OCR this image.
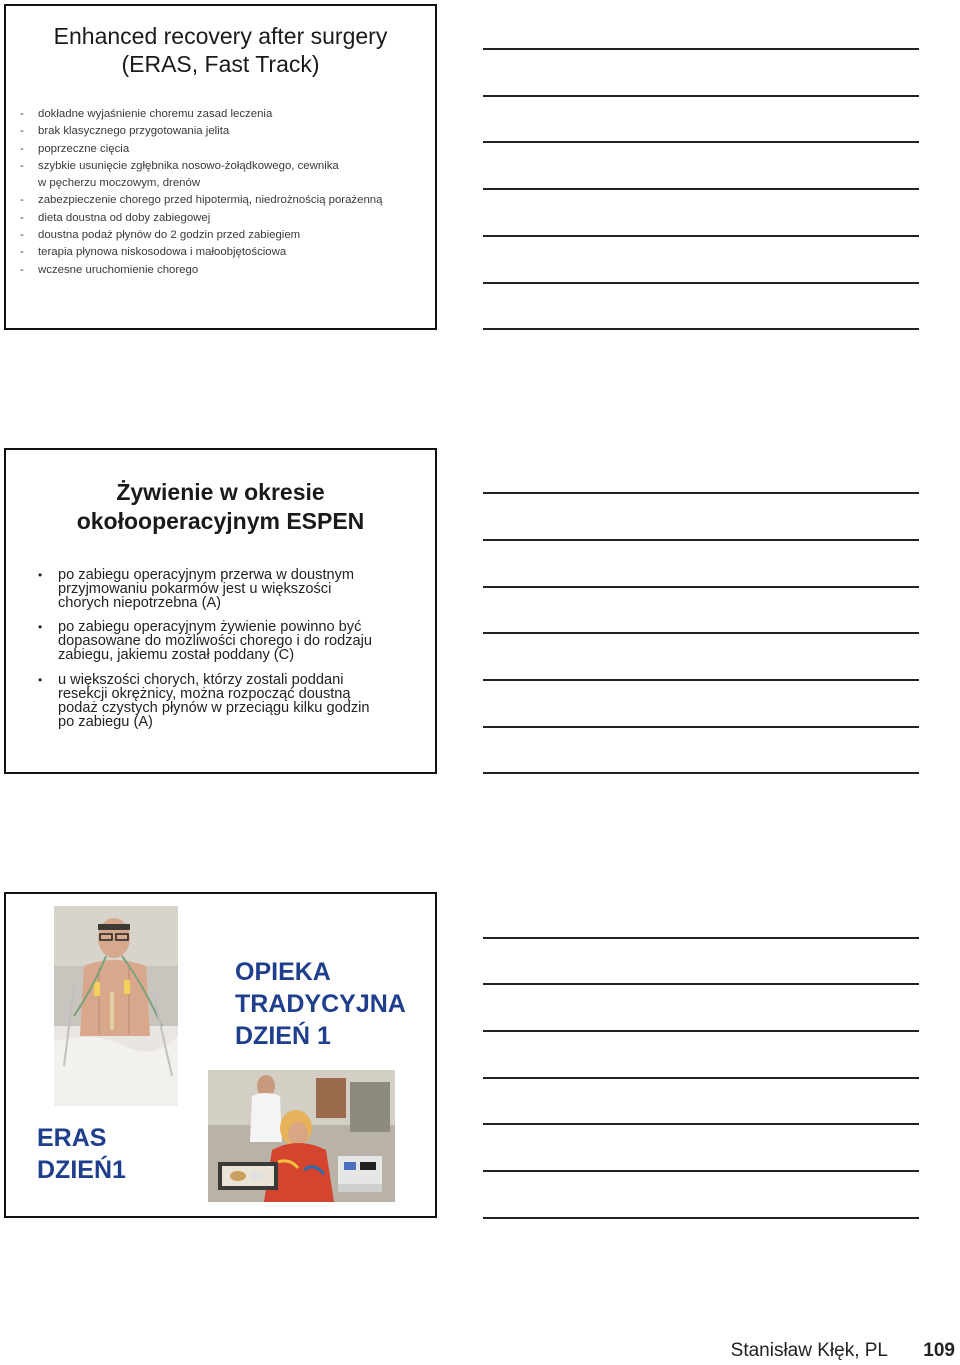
Enhanced recovery after surgery
(ERAS, Fast Track)
- dokładne wyjaśnienie choremu zasad leczenia
- brak klasycznego przygotowania jelita
- poprzeczne cięcia
- szybkie usunięcie zgłębnika nosowo-żołądkowego, cewnika
w pęcherzu moczowym, drenów
- zabezpieczenie chorego przed hipotermią, niedrożnością porażenną
- dieta doustna od doby zabiegowej
- doustna podaż płynów do 2 godzin przed zabiegiem
- terapia płynowa niskosodowa i małoobjętościowa
- wczesne uruchomienie chorego
Żywienie w okresie
okołooperacyjnym ESPEN
• po zabiegu operacyjnym przerwa w doustnym
przyjmowaniu pokarmów jest u większości
chorych niepotrzebna (A)
• po zabiegu operacyjnym żywienie powinno być
dopasowane do możliwości chorego i do rodzaju
zabiegu, jakiemu został poddany (C)
• u większości chorych, którzy zostali poddani
resekcji okrężnicy, można rozpocząć doustną
podaż czystych płynów w przeciągu kilku godzin
po zabiegu (A)
OPIEKA
TRADYCYJNA
DZIEŃ 1
ERAS
DZIEŃ1
Stanisław Kłęk, PL 109
